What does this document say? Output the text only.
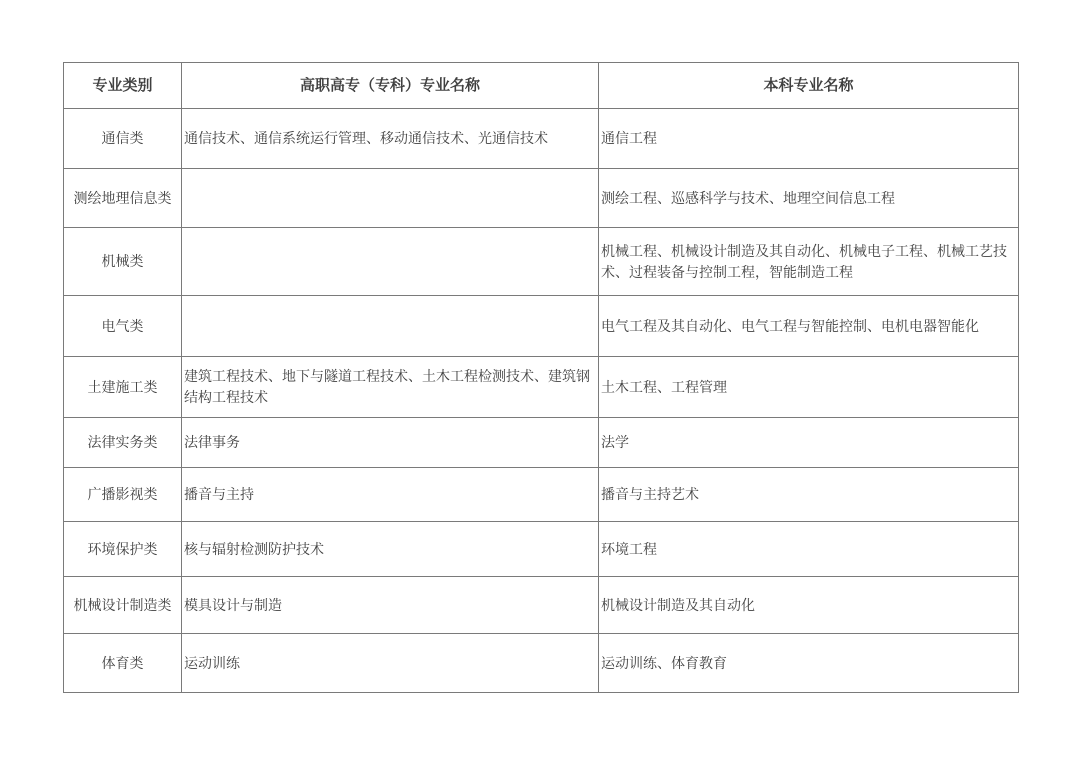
专业类别	高职高专（专科）专业名称	本科专业名称
通信类	通信技术、通信系统运行管理、移动通信技术、光通信技术	通信工程
测绘地理信息类		测绘工程、巡感科学与技术、地理空间信息工程
机械类		机械工程、机械设计制造及其自动化、机械电子工程、机械工艺技术、过程装备与控制工程，智能制造工程
电气类		电气工程及其自动化、电气工程与智能控制、电机电器智能化
土建施工类	建筑工程技术、地下与隧道工程技术、土木工程检测技术、建筑钢结构工程技术	土木工程、工程管理
法律实务类	法律事务	法学
广播影视类	播音与主持	播音与主持艺术
环境保护类	核与辐射检测防护技术	环境工程
机械设计制造类	模具设计与制造	机械设计制造及其自动化
体育类	运动训练	运动训练、体育教育
